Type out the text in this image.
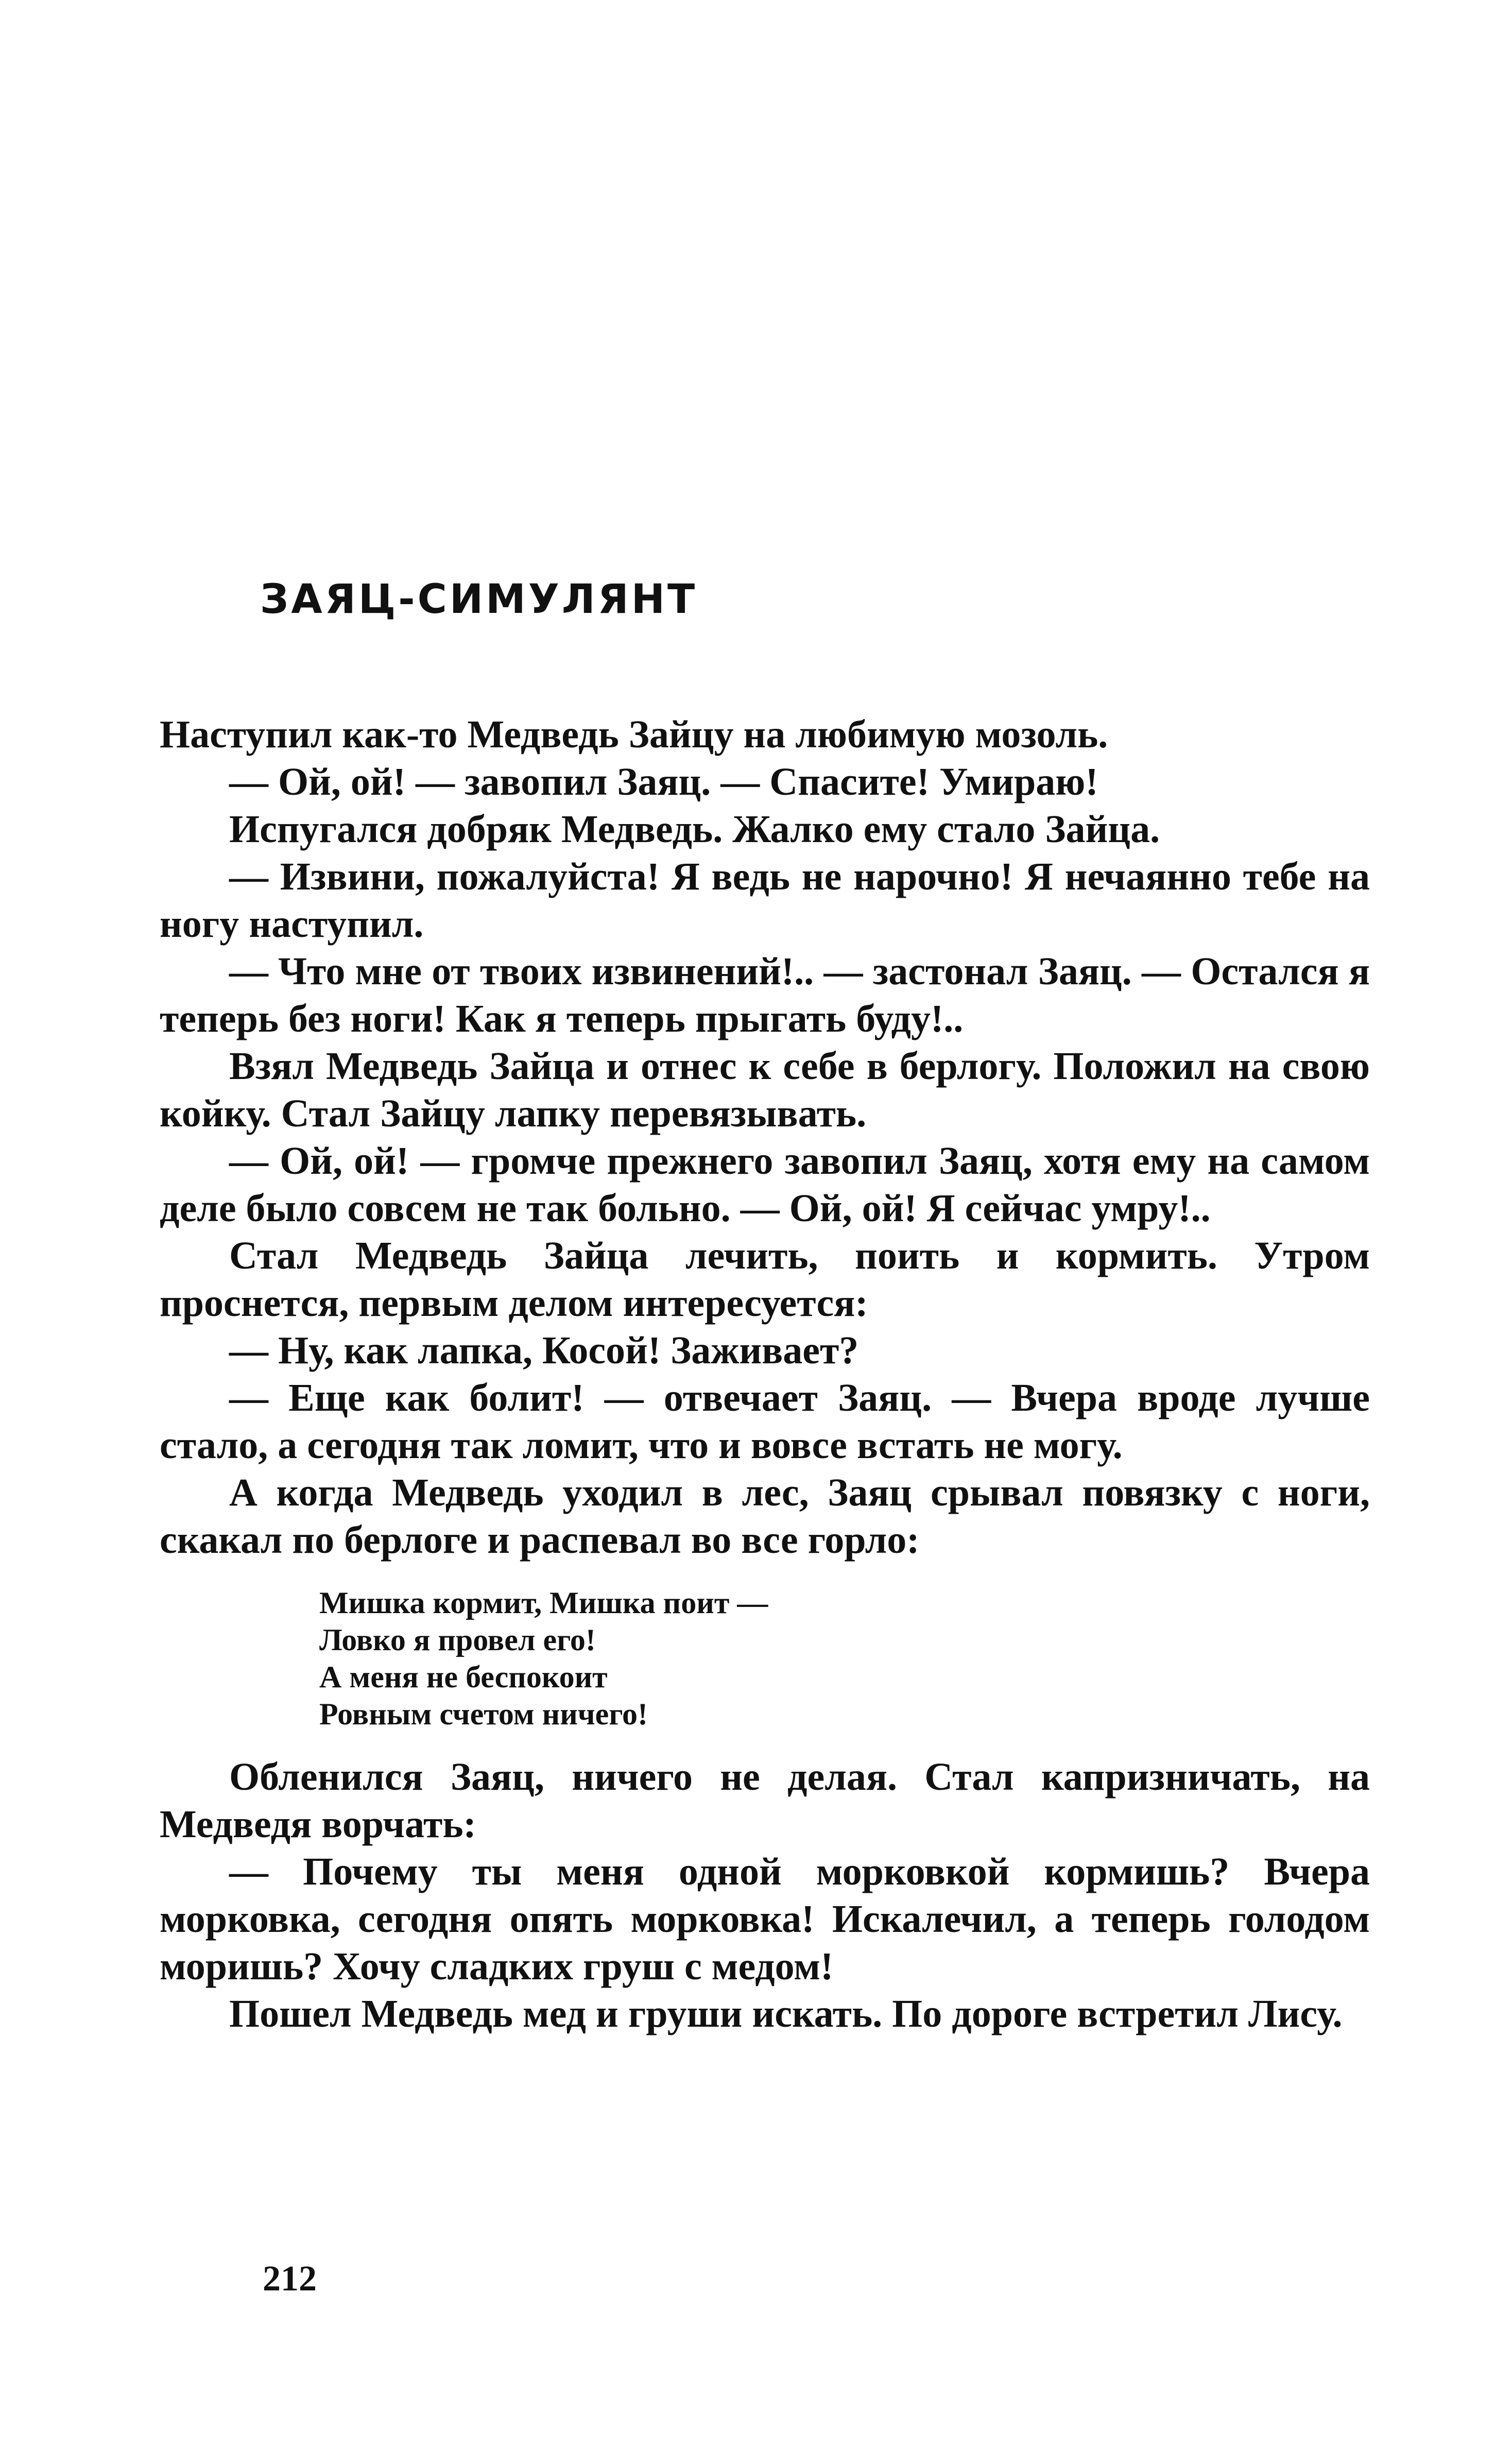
ЗАЯЦ-СИМУЛЯНТ

Наступил как-то Медведь Зайцу на любимую мозоль.

— Ой, ой! — завопил Заяц. — Спасите! Умираю!

Испугался добряк Медведь. Жалко ему стало Зайца.

— Извини, пожалуйста! Я ведь не нарочно! Я нечаянно тебе на ногу наступил.

— Что мне от твоих извинений!.. — застонал Заяц. — Остался я теперь без ноги! Как я теперь прыгать буду!..

Взял Медведь Зайца и отнес к себе в берлогу. Положил на свою койку. Стал Зайцу лапку перевязывать.

— Ой, ой! — громче прежнего завопил Заяц, хотя ему на самом деле было совсем не так больно. — Ой, ой! Я сейчас умру!..

Стал Медведь Зайца лечить, поить и кормить. Утром проснется, первым делом интересуется:

— Ну, как лапка, Косой! Заживает?

— Еще как болит! — отвечает Заяц. — Вчера вроде лучше стало, а сегодня так ломит, что и вовсе встать не могу.

А когда Медведь уходил в лес, Заяц срывал повязку с ноги, скакал по берлоге и распевал во все горло:

Мишка кормит, Мишка поит —
Ловко я провел его!
А меня не беспокоит
Ровным счетом ничего!

Обленился Заяц, ничего не делая. Стал капризничать, на Медведя ворчать:

— Почему ты меня одной морковкой кормишь? Вчера морковка, сегодня опять морковка! Искалечил, а теперь голодом моришь? Хочу сладких груш с медом!

Пошел Медведь мед и груши искать. По дороге встретил Лису.

212
